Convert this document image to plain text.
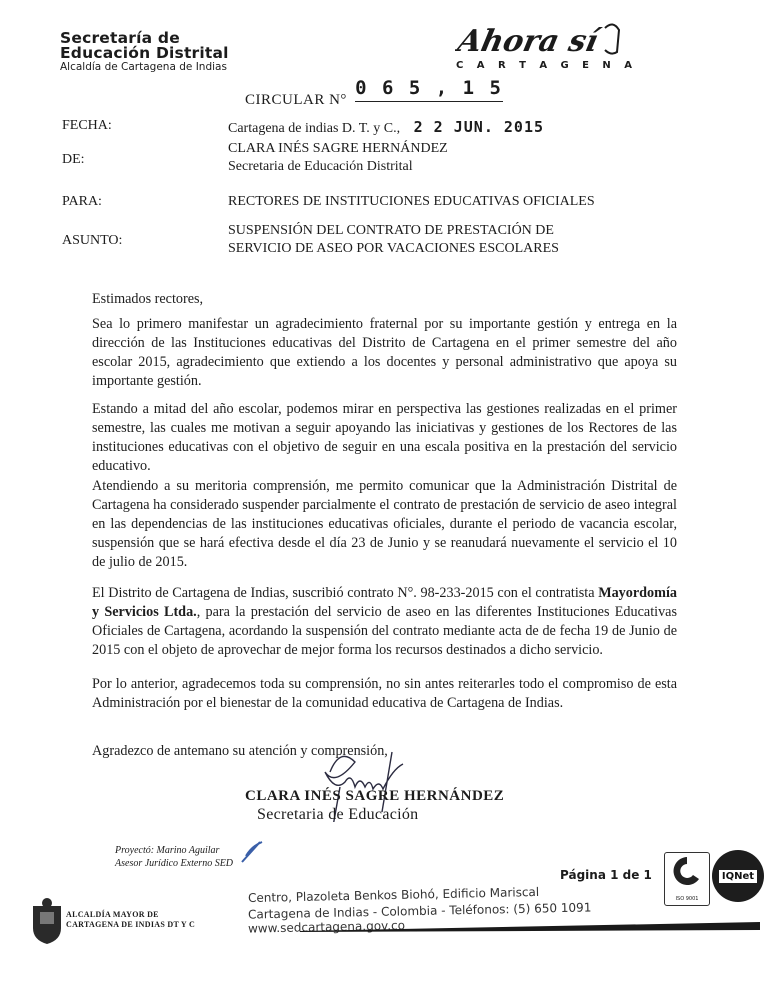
Secretaría de
Educación Distrital
Alcaldía de Cartagena de Indias
Ahora sí
C A R T A G E N A
CIRCULAR N°
0 6 5 , 1 5
FECHA:	Cartagena de indias D. T. y C., 2 2 JUN. 2015
DE:
CLARA INÉS SAGRE HERNÁNDEZ
Secretaria de Educación Distrital
PARA:	RECTORES DE INSTITUCIONES EDUCATIVAS OFICIALES
ASUNTO:
SUSPENSIÓN DEL CONTRATO DE PRESTACIÓN DE
SERVICIO DE ASEO POR VACACIONES ESCOLARES
Estimados rectores,
Sea lo primero manifestar un agradecimiento fraternal por su importante gestión y entrega en la dirección de las Instituciones educativas del Distrito de Cartagena en el primer semestre del año escolar 2015, agradecimiento que extiendo a los docentes y personal administrativo que apoya su importante gestión.
Estando a mitad del año escolar, podemos mirar en perspectiva las gestiones realizadas en el primer semestre, las cuales me motivan a seguir apoyando las iniciativas y gestiones de los Rectores de las instituciones educativas con el objetivo de seguir en una escala positiva en la prestación del servicio educativo.
Atendiendo a su meritoria comprensión, me permito comunicar que la Administración Distrital de Cartagena ha considerado suspender parcialmente el contrato de prestación de servicio de aseo integral en las dependencias de las instituciones educativas oficiales, durante el periodo de vacancia escolar, suspensión que se hará efectiva desde el día 23 de Junio y se reanudará nuevamente el servicio el 10 de julio de 2015.
El Distrito de Cartagena de Indias, suscribió contrato N°. 98-233-2015 con el contratista Mayordomía y Servicios Ltda., para la prestación del servicio de aseo en las diferentes Instituciones Educativas Oficiales de Cartagena, acordando la suspensión del contrato mediante acta de de fecha 19 de Junio de 2015 con el objeto de aprovechar de mejor forma los recursos destinados a dicho servicio.
Por lo anterior, agradecemos toda su comprensión, no sin antes reiterarles todo el compromiso de esta Administración por el bienestar de la comunidad educativa de Cartagena de Indias.
Agradezco de antemano su atención y comprensión,
CLARA INÉS SAGRE HERNÁNDEZ
Secretaria de Educación
Proyectó: Marino Aguilar
Asesor Jurídico Externo SED
Página 1 de 1
Centro, Plazoleta Benkos Biohó, Edificio Mariscal
Cartagena de Indias - Colombia - Teléfonos: (5) 650 1091
www.sedcartagena.gov.co
ALCALDÍA MAYOR DE
CARTAGENA DE INDIAS DT Y C
ISO 9001
IQNet
